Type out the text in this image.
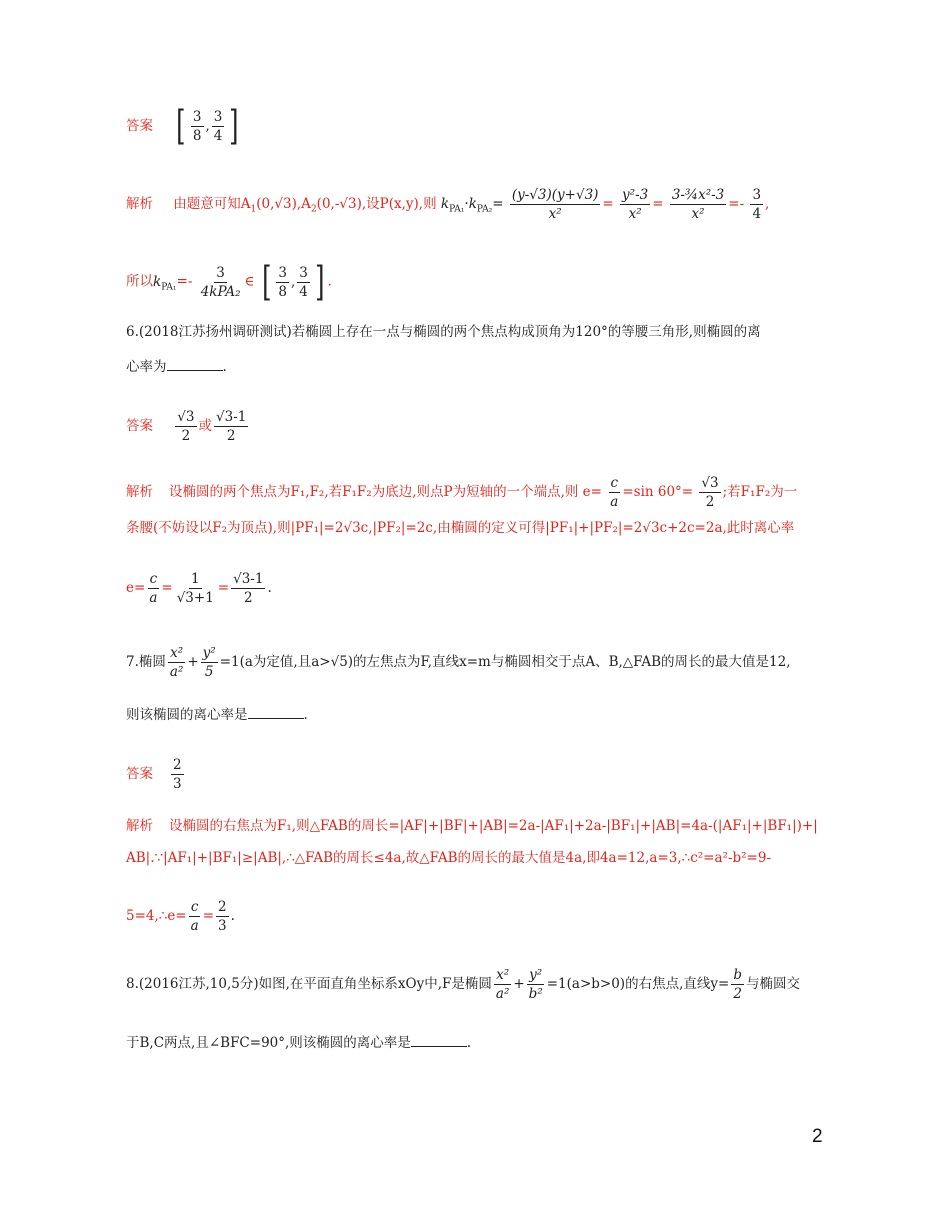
答案 [ $\frac{3}{8}$ , $\frac{3}{4}$ ]
解析 由题意可知$A_1(0,√3),A_2(0,-√3)$,设P(x,y),则 $k_{PA_1}\cdot k_{PA_2}= \frac{(y-√3)(y+√3)}{\text{x²}} = \frac{\text{y²-3}}{\text{x²}} = \frac{\text{3-¾x²-3}}{\text{x²}} =- \frac{3}{4}$ ,
所以$k_{PA_1}=- \frac{3}{\text{4kPA₂}}$ ∈ [ $\frac{3}{8}$ , $\frac{3}{4}$ ] .
6.(2018江苏扬州调研测试)若椭圆上存在一点与椭圆的两个焦点构成顶角为120°的等腰三角形,则椭圆的离
心率为	.
答案 $\frac{√3}{2}$ 或 $\frac{√3-1}{2}$
解析 设椭圆的两个焦点为F₁,F₂,若F₁F₂为底边,则点P为短轴的一个端点,则 $e= \frac{c}{a} =\sin$ $60^\circ= \frac{√3}{2}$ ;若F₁F₂为一
条腰(不妨设以F₂为顶点),则|PF₁|=2√3c,|PF₂|=2c,由椭圆的定义可得|PF₁|+|PF₂|=2√3c+2c=2a,此时离心率
$e= \frac{c}{a} = \frac{1}{√3+1} = \frac{√3-1}{2}$ .
7.椭圆 $\frac{\text{x²}}{\text{a²}} + \frac{\text{y²}}{5} =1(a$为定值,且a>√5)的左焦点为F,直线x=m与椭圆相交于点A、B,△FAB的周长的最大值是12,
则该椭圆的离心率是	.
答案 $\frac{2}{3}$
解析 设椭圆的右焦点为F₁,则△FAB的周长=|AF|+|BF|+|AB|=2a-|AF₁|+2a-|BF₁|+|AB|=4a-(|AF₁|+|BF₁|)+|
AB|.∵|AF₁|+|BF₁|≥|AB|,∴△FAB的周长≤4a,故△FAB的周长的最大值是4a,即4a=12,a=3,∴c²=a²-b²=9-
5=4,∴e= $\frac{c}{a} = \frac{2}{3}$ .
8.(2016江苏,10,5分)如图,在平面直角坐标系xOy中,F是椭圆 $\frac{\text{x²}}{\text{a²}} + \frac{\text{y²}}{\text{b²}} =1(a>b>0)$的右焦点,直线$y= \frac{b}{2}$ 与椭圆交
于B,C两点,且∠BFC=90°,则该椭圆的离心率是	.
2
